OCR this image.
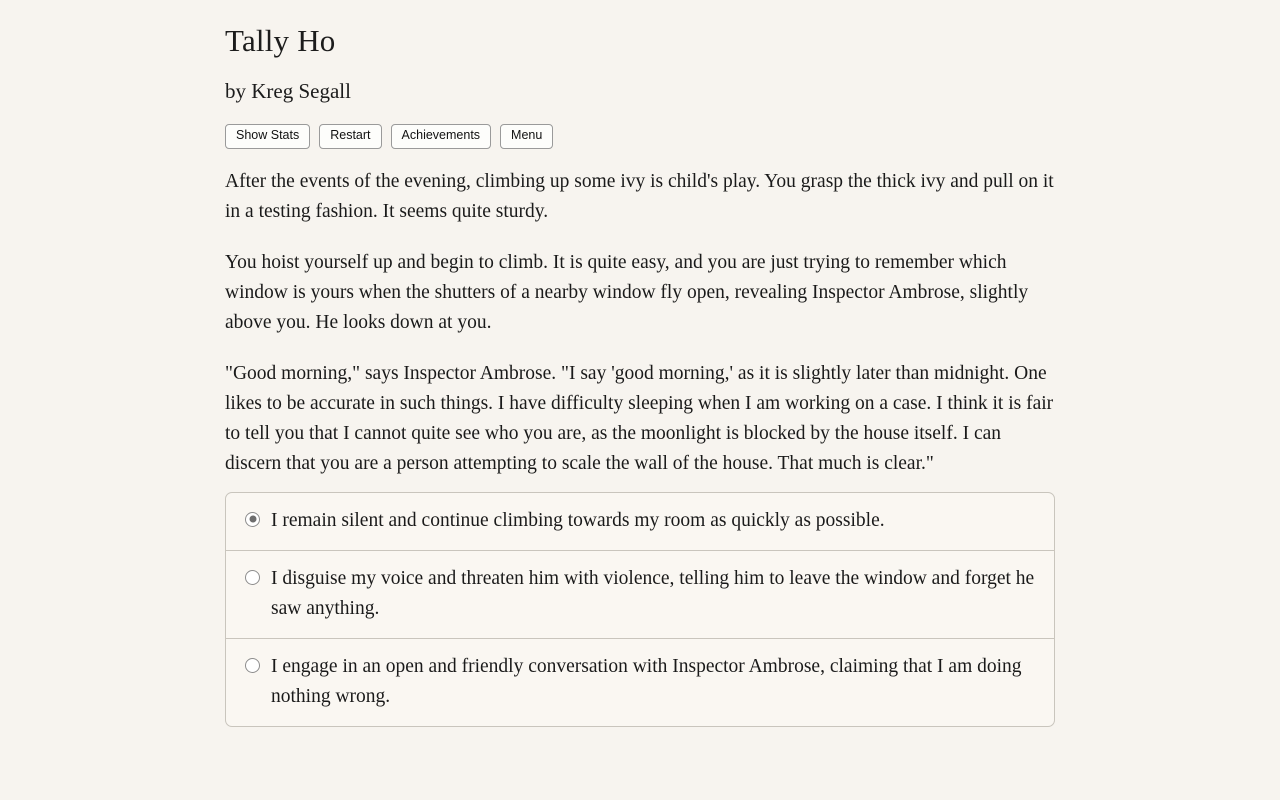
Tally Ho
by Kreg Segall
Show Stats	Restart	Achievements	Menu

After the events of the evening, climbing up some ivy is child's play. You grasp the thick ivy and pull on it in a testing fashion. It seems quite sturdy.

You hoist yourself up and begin to climb. It is quite easy, and you are just trying to remember which window is yours when the shutters of a nearby window fly open, revealing Inspector Ambrose, slightly above you. He looks down at you.

"Good morning," says Inspector Ambrose. "I say 'good morning,' as it is slightly later than midnight. One likes to be accurate in such things. I have difficulty sleeping when I am working on a case. I think it is fair to tell you that I cannot quite see who you are, as the moonlight is blocked by the house itself. I can discern that you are a person attempting to scale the wall of the house. That much is clear."

I remain silent and continue climbing towards my room as quickly as possible.
I disguise my voice and threaten him with violence, telling him to leave the window and forget he saw anything.
I engage in an open and friendly conversation with Inspector Ambrose, claiming that I am doing nothing wrong.
